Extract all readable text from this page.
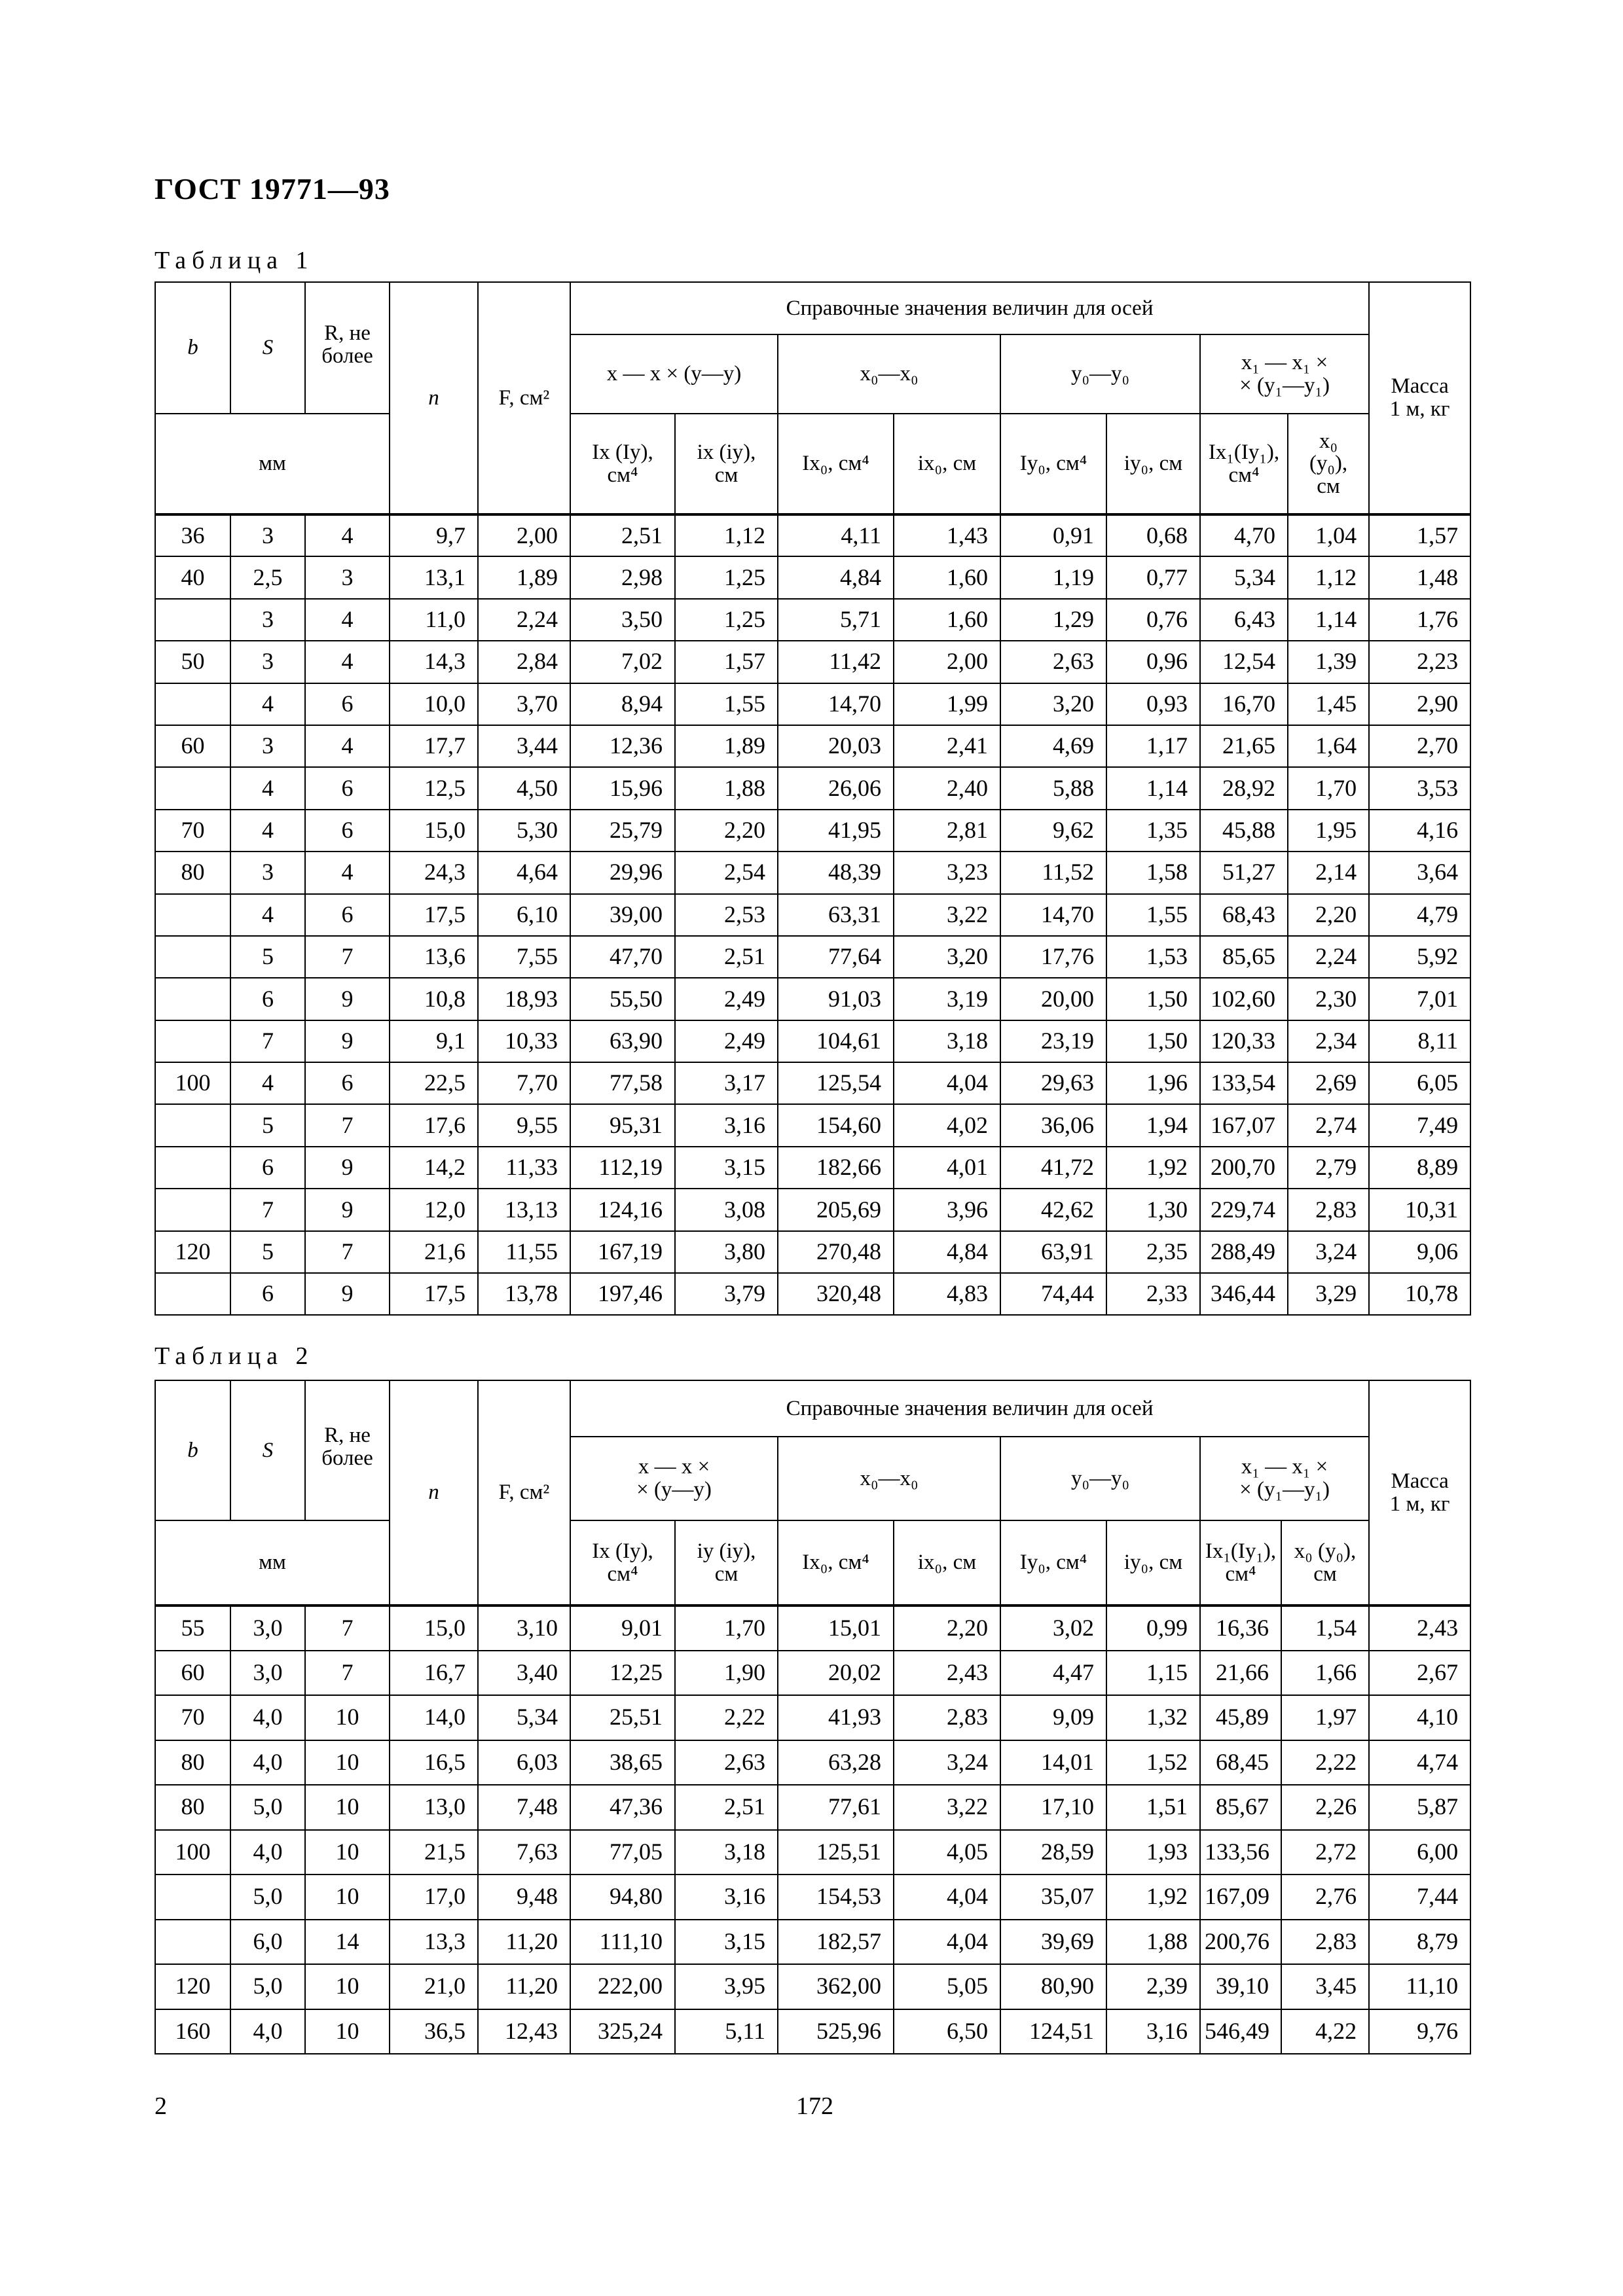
ГОСТ 19771—93
Таблица 1
b	S	R, не
более	n	F, см²	Справочные значения величин для осей								Масса
1 м, кг
					x — x × (y—y)		x₀—x₀		y₀—y₀		x₁ — x₁ ×
× (y₁—y₁)		
мм					Ix (Iy),
см⁴	ix (iy),
см	Ix₀, см⁴	ix₀, см	Iy₀, см⁴	iy₀, см	Ix₁(Iy₁),
см⁴	x₀
(y₀),
см	
36	3	4	9,7	2,00	2,51	1,12	4,11	1,43	0,91	0,68	4,70	1,04	1,57
40	2,5	3	13,1	1,89	2,98	1,25	4,84	1,60	1,19	0,77	5,34	1,12	1,48
	3	4	11,0	2,24	3,50	1,25	5,71	1,60	1,29	0,76	6,43	1,14	1,76
50	3	4	14,3	2,84	7,02	1,57	11,42	2,00	2,63	0,96	12,54	1,39	2,23
	4	6	10,0	3,70	8,94	1,55	14,70	1,99	3,20	0,93	16,70	1,45	2,90
60	3	4	17,7	3,44	12,36	1,89	20,03	2,41	4,69	1,17	21,65	1,64	2,70
	4	6	12,5	4,50	15,96	1,88	26,06	2,40	5,88	1,14	28,92	1,70	3,53
70	4	6	15,0	5,30	25,79	2,20	41,95	2,81	9,62	1,35	45,88	1,95	4,16
80	3	4	24,3	4,64	29,96	2,54	48,39	3,23	11,52	1,58	51,27	2,14	3,64
	4	6	17,5	6,10	39,00	2,53	63,31	3,22	14,70	1,55	68,43	2,20	4,79
	5	7	13,6	7,55	47,70	2,51	77,64	3,20	17,76	1,53	85,65	2,24	5,92
	6	9	10,8	18,93	55,50	2,49	91,03	3,19	20,00	1,50	102,60	2,30	7,01
	7	9	9,1	10,33	63,90	2,49	104,61	3,18	23,19	1,50	120,33	2,34	8,11
100	4	6	22,5	7,70	77,58	3,17	125,54	4,04	29,63	1,96	133,54	2,69	6,05
	5	7	17,6	9,55	95,31	3,16	154,60	4,02	36,06	1,94	167,07	2,74	7,49
	6	9	14,2	11,33	112,19	3,15	182,66	4,01	41,72	1,92	200,70	2,79	8,89
	7	9	12,0	13,13	124,16	3,08	205,69	3,96	42,62	1,30	229,74	2,83	10,31
120	5	7	21,6	11,55	167,19	3,80	270,48	4,84	63,91	2,35	288,49	3,24	9,06
	6	9	17,5	13,78	197,46	3,79	320,48	4,83	74,44	2,33	346,44	3,29	10,78
Таблица 2
b	S	R, не
более	n	F, см²	Справочные значения величин для осей								Масса
1 м, кг
					x — x ×
× (y—y)		x₀—x₀		y₀—y₀		x₁ — x₁ ×
× (y₁—y₁)		
мм					Ix (Iy),
см⁴	iy (iy),
см	Ix₀, см⁴	ix₀, см	Iy₀, см⁴	iy₀, см	Ix₁(Iy₁),
см⁴	x₀ (y₀),
см	
55	3,0	7	15,0	3,10	9,01	1,70	15,01	2,20	3,02	0,99	16,36	1,54	2,43
60	3,0	7	16,7	3,40	12,25	1,90	20,02	2,43	4,47	1,15	21,66	1,66	2,67
70	4,0	10	14,0	5,34	25,51	2,22	41,93	2,83	9,09	1,32	45,89	1,97	4,10
80	4,0	10	16,5	6,03	38,65	2,63	63,28	3,24	14,01	1,52	68,45	2,22	4,74
80	5,0	10	13,0	7,48	47,36	2,51	77,61	3,22	17,10	1,51	85,67	2,26	5,87
100	4,0	10	21,5	7,63	77,05	3,18	125,51	4,05	28,59	1,93	133,56	2,72	6,00
	5,0	10	17,0	9,48	94,80	3,16	154,53	4,04	35,07	1,92	167,09	2,76	7,44
	6,0	14	13,3	11,20	111,10	3,15	182,57	4,04	39,69	1,88	200,76	2,83	8,79
120	5,0	10	21,0	11,20	222,00	3,95	362,00	5,05	80,90	2,39	39,10	3,45	11,10
160	4,0	10	36,5	12,43	325,24	5,11	525,96	6,50	124,51	3,16	546,49	4,22	9,76
2	172
